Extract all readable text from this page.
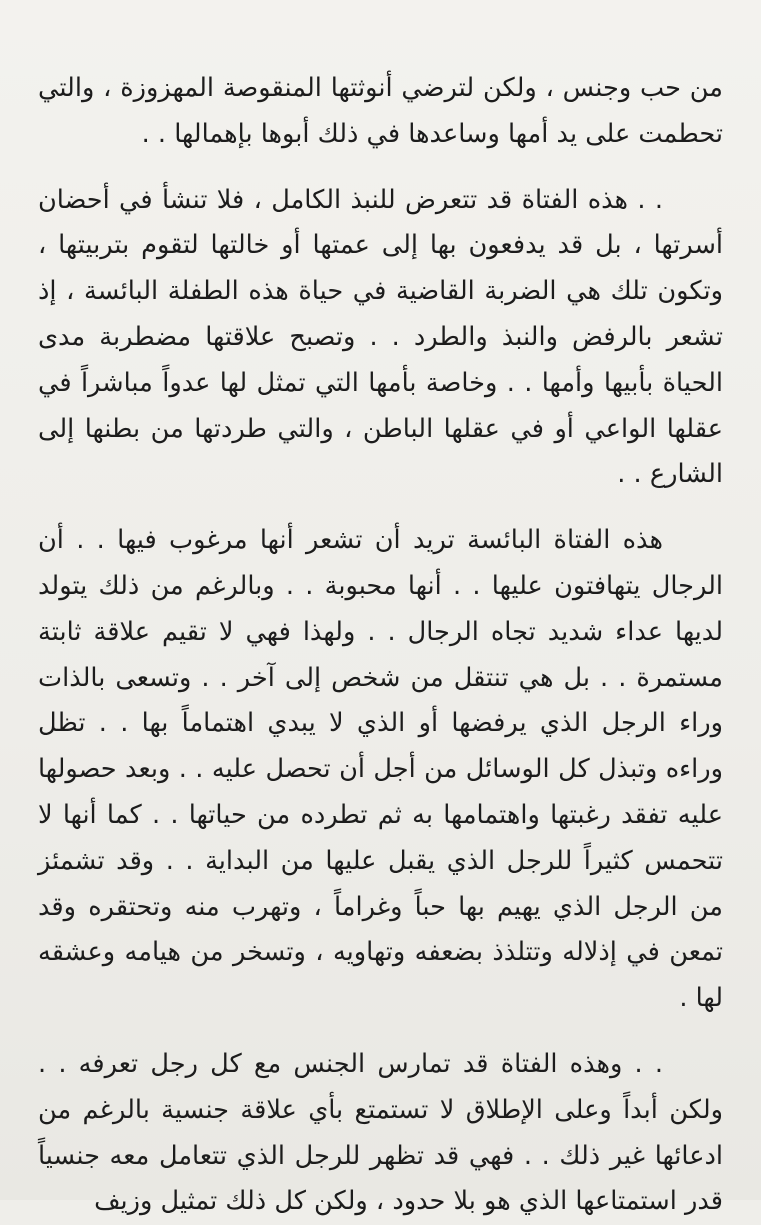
من حب وجنس ، ولكن لترضي أنوثتها المنقوصة المهزوزة ، والتي تحطمت على يد أمها وساعدها في ذلك أبوها بإهمالها . .

. . هذه الفتاة قد تتعرض للنبذ الكامل ، فلا تنشأ في أحضان أسرتها ، بل قد يدفعون بها إلى عمتها أو خالتها لتقوم بتربيتها ، وتكون تلك هي الضربة القاضية في حياة هذه الطفلة البائسة ، إذ تشعر بالرفض والنبذ والطرد . . وتصبح علاقتها مضطربة مدى الحياة بأبيها وأمها . . وخاصة بأمها التي تمثل لها عدواً مباشراً في عقلها الواعي أو في عقلها الباطن ، والتي طردتها من بطنها إلى الشارع . .

هذه الفتاة البائسة تريد أن تشعر أنها مرغوب فيها . . أن الرجال يتهافتون عليها . . أنها محبوبة . . وبالرغم من ذلك يتولد لديها عداء شديد تجاه الرجال . . ولهذا فهي لا تقيم علاقة ثابتة مستمرة . . بل هي تنتقل من شخص إلى آخر . . وتسعى بالذات وراء الرجل الذي يرفضها أو الذي لا يبدي اهتماماً بها . . تظل وراءه وتبذل كل الوسائل من أجل أن تحصل عليه . . وبعد حصولها عليه تفقد رغبتها واهتمامها به ثم تطرده من حياتها . . كما أنها لا تتحمس كثيراً للرجل الذي يقبل عليها من البداية . . وقد تشمئز من الرجل الذي يهيم بها حباً وغراماً ، وتهرب منه وتحتقره وقد تمعن في إذلاله وتتلذذ بضعفه وتهاويه ، وتسخر من هيامه وعشقه لها .

. . وهذه الفتاة قد تمارس الجنس مع كل رجل تعرفه . . ولكن أبداً وعلى الإطلاق لا تستمتع بأي علاقة جنسية بالرغم من ادعائها غير ذلك . . فهي قد تظهر للرجل الذي تتعامل معه جنسياً قدر استمتاعها الذي هو بلا حدود ، ولكن كل ذلك تمثيل وزيف
